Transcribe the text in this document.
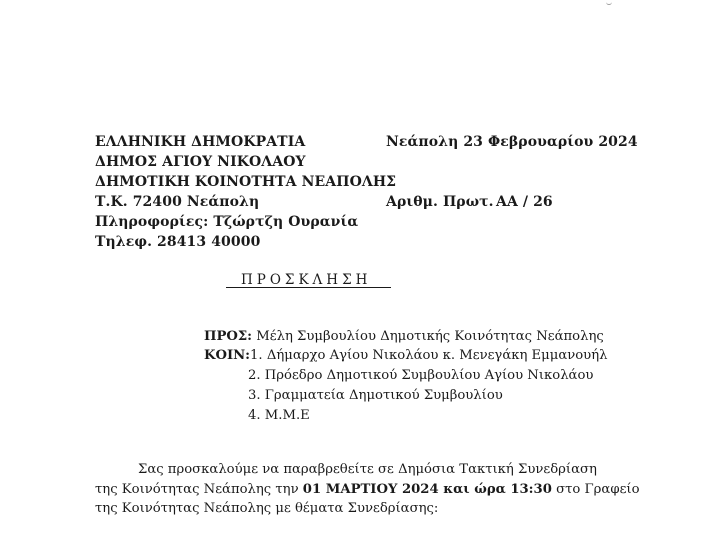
ΕΛΛΗΝΙΚΗ ΔΗΜΟΚΡΑΤΙΑ
ΔΗΜΟΣ ΑΓΙΟΥ ΝΙΚΟΛΑΟΥ
ΔΗΜΟΤΙΚΗ ΚΟΙΝΟΤΗΤΑ ΝΕΑΠΟΛΗΣ
Τ.Κ. 72400 Νεάπολη
Πληροφορίες: Τζώρτζη Ουρανία
Τηλεφ. 28413 40000
Νεάπολη 23 Φεβρουαρίου 2024
Αριθμ. Πρωτ. ΑΑ / 26
ΠΡΟΣΚΛΗΣΗ
ΠΡΟΣ: Μέλη Συμβουλίου Δημοτικής Κοινότητας Νεάπολης
ΚΟΙΝ:1. Δήμαρχο Αγίου Νικολάου κ. Μενεγάκη Εμμανουήλ
2. Πρόεδρο Δημοτικού Συμβουλίου Αγίου Νικολάου
3. Γραμματεία Δημοτικού Συμβουλίου
4. Μ.Μ.Ε
Σας προσκαλούμε να παραβρεθείτε σε Δημόσια Τακτική Συνεδρίαση
της Κοινότητας Νεάπολης την 01 ΜΑΡΤΙΟΥ 2024 και ώρα 13:30 στο Γραφείο
της Κοινότητας Νεάπολης με θέματα Συνεδρίασης:
